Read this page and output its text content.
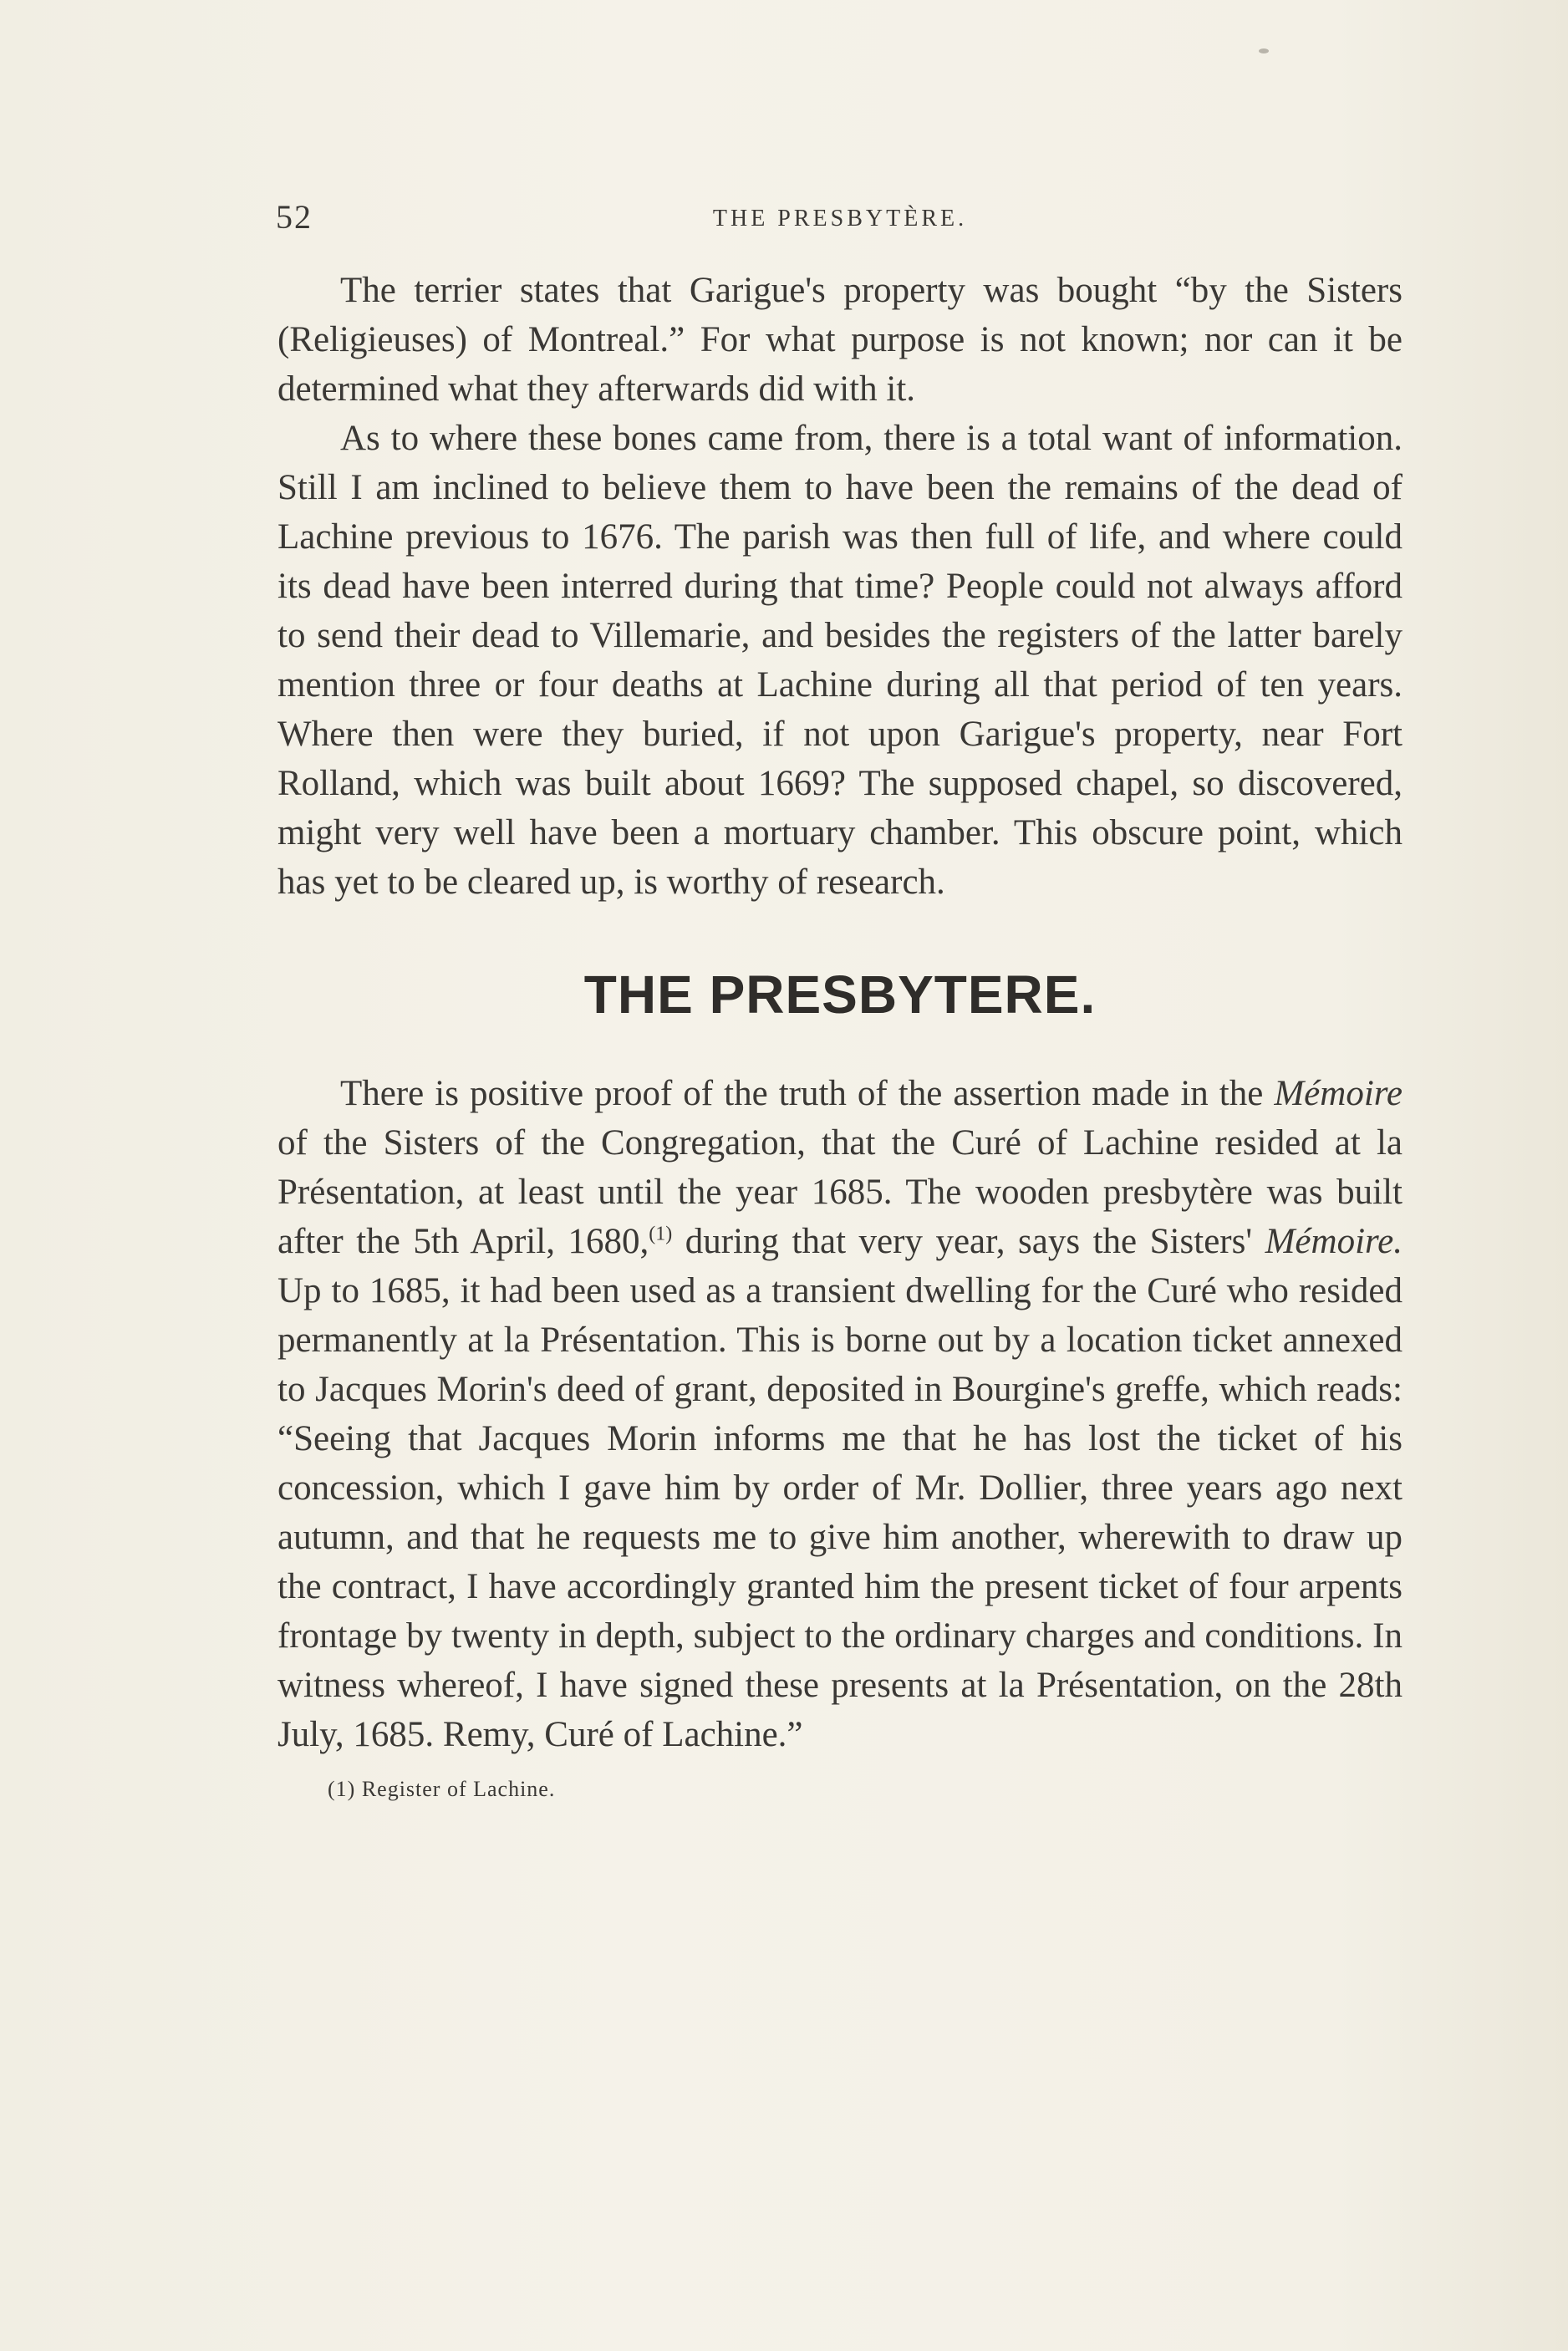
52	THE PRESBYTÈRE.

The terrier states that Garigue's property was bought “by the Sisters (Religieuses) of Montreal.” For what purpose is not known; nor can it be determined what they afterwards did with it.

As to where these bones came from, there is a total want of information. Still I am inclined to believe them to have been the remains of the dead of Lachine previous to 1676. The parish was then full of life, and where could its dead have been interred during that time? People could not always afford to send their dead to Villemarie, and besides the registers of the latter barely mention three or four deaths at Lachine during all that period of ten years. Where then were they buried, if not upon Garigue's property, near Fort Rolland, which was built about 1669? The supposed chapel, so discovered, might very well have been a mortuary chamber. This obscure point, which has yet to be cleared up, is worthy of research.

THE PRESBYTERE.

There is positive proof of the truth of the assertion made in the Mémoire of the Sisters of the Congregation, that the Curé of Lachine resided at la Présentation, at least until the year 1685. The wooden presbytère was built after the 5th April, 1680,$^{(1)}$ during that very year, says the Sisters' Mémoire. Up to 1685, it had been used as a transient dwelling for the Curé who resided permanently at la Présentation. This is borne out by a location ticket annexed to Jacques Morin's deed of grant, deposited in Bourgine's greffe, which reads: “Seeing that Jacques Morin informs me that he has lost the ticket of his concession, which I gave him by order of Mr. Dollier, three years ago next autumn, and that he requests me to give him another, wherewith to draw up the contract, I have accordingly granted him the present ticket of four arpents frontage by twenty in depth, subject to the ordinary charges and conditions. In witness whereof, I have signed these presents at la Présentation, on the 28th July, 1685. Remy, Curé of Lachine.”

(1) Register of Lachine.
